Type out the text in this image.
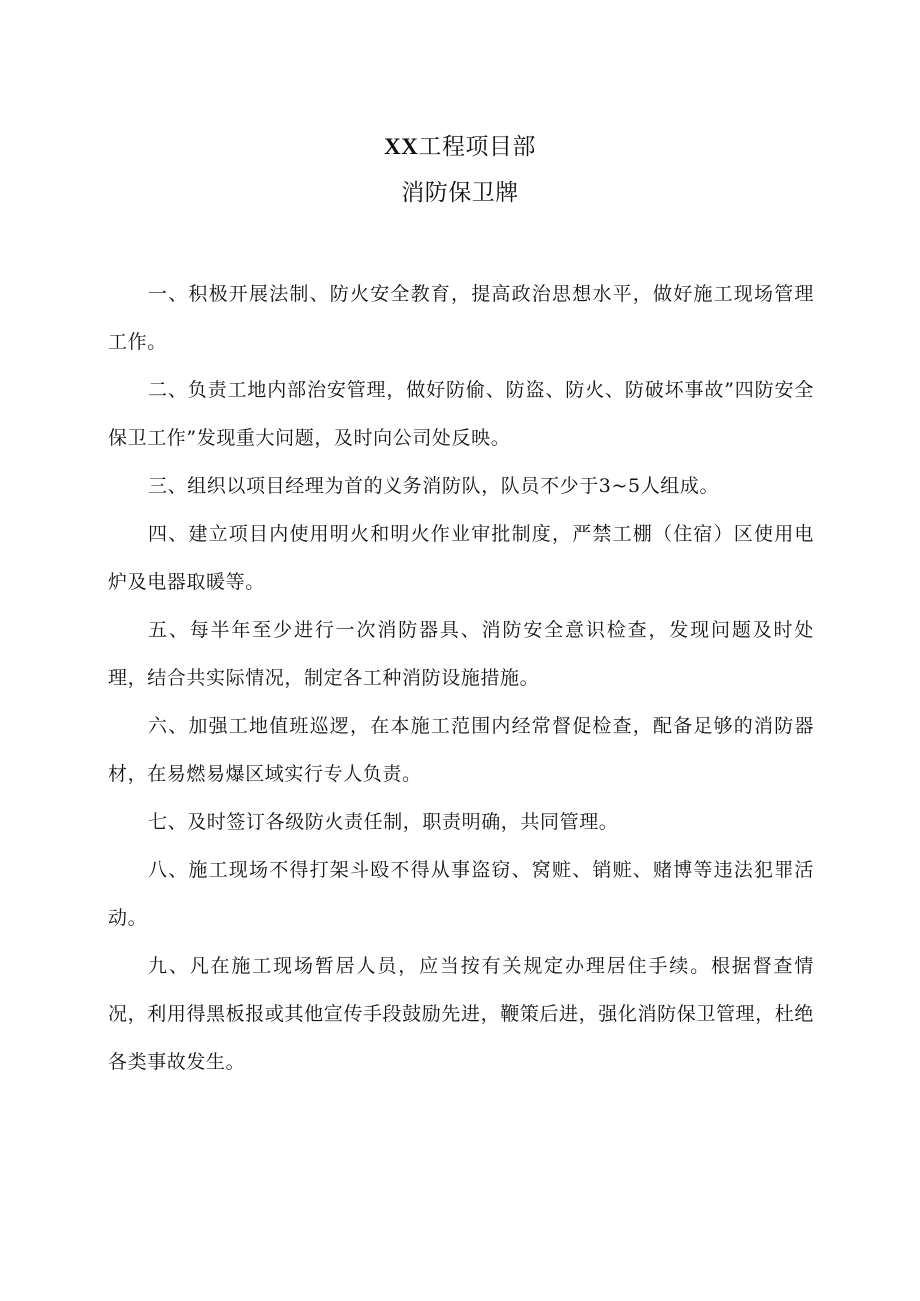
XX工程项目部
消防保卫牌

一、积极开展法制、防火安全教育，提高政治思想水平，做好施工现场管理工作。

二、负责工地内部治安管理，做好防偷、防盗、防火、防破坏事故”四防安全保卫工作”发现重大问题，及时向公司处反映。

三、组织以项目经理为首的义务消防队，队员不少于3~5人组成。

四、建立项目内使用明火和明火作业审批制度，严禁工棚（住宿）区使用电炉及电器取暖等。

五、每半年至少进行一次消防器具、消防安全意识检查，发现问题及时处理，结合共实际情况，制定各工种消防设施措施。

六、加强工地值班巡逻，在本施工范围内经常督促检查，配备足够的消防器材，在易燃易爆区域实行专人负责。

七、及时签订各级防火责任制，职责明确，共同管理。

八、施工现场不得打架斗殴不得从事盗窃、窝赃、销赃、赌博等违法犯罪活动。

九、凡在施工现场暂居人员，应当按有关规定办理居住手续。根据督查情况，利用得黑板报或其他宣传手段鼓励先进，鞭策后进，强化消防保卫管理，杜绝各类事故发生。
